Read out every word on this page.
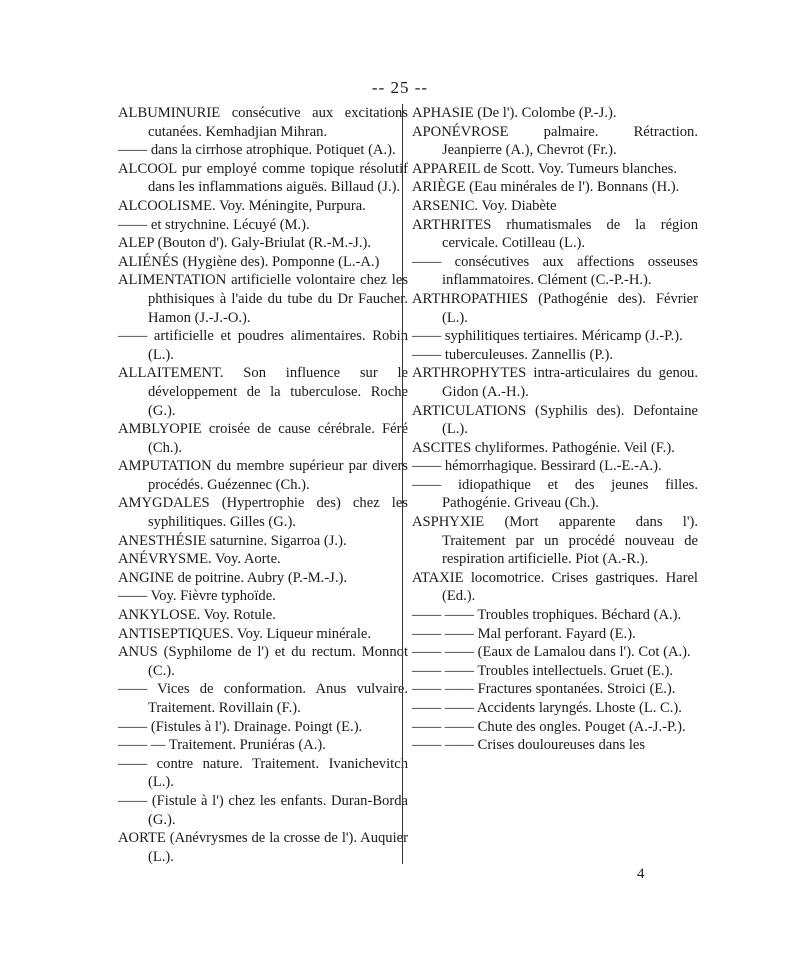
-- 25 --

ALBUMINURIE consécutive aux excitations cutanées. Kemhadjian Mihran.

—— dans la cirrhose atrophique. Potiquet (A.).

ALCOOL pur employé comme topique résolutif dans les inflammations aiguës. Billaud (J.).

ALCOOLISME. Voy. Méningite, Purpura.

—— et strychnine. Lécuyé (M.).

ALEP (Bouton d'). Galy-Briulat (R.-M.-J.).

ALIÉNÉS (Hygiène des). Pomponne (L.-A.)

ALIMENTATION artificielle volontaire chez les phthisiques à l'aide du tube du Dr Faucher. Hamon (J.-J.-O.).

—— artificielle et poudres alimentaires. Robin (L.).

ALLAITEMENT. Son influence sur le développement de la tuberculose. Roche (G.).

AMBLYOPIE croisée de cause cérébrale. Féré (Ch.).

AMPUTATION du membre supérieur par divers procédés. Guézennec (Ch.).

AMYGDALES (Hypertrophie des) chez les syphilitiques. Gilles (G.).

ANESTHÉSIE saturnine. Sigarroa (J.).

ANÉVRYSME. Voy. Aorte.

ANGINE de poitrine. Aubry (P.-M.-J.).

—— Voy. Fièvre typhoïde.

ANKYLOSE. Voy. Rotule.

ANTISEPTIQUES. Voy. Liqueur minérale.

ANUS (Syphilome de l') et du rectum. Monnot (C.).

—— Vices de conformation. Anus vulvaire. Traitement. Rovillain (F.).

—— (Fistules à l'). Drainage. Poingt (E.).

—— — Traitement. Pruniéras (A.).

—— contre nature. Traitement. Ivanichevitch (L.).

—— (Fistule à l') chez les enfants. Duran-Borda (G.).

AORTE (Anévrysmes de la crosse de l'). Auquier (L.).

APHASIE (De l'). Colombe (P.-J.).

APONÉVROSE palmaire. Rétraction. Jeanpierre (A.), Chevrot (Fr.).

APPAREIL de Scott. Voy. Tumeurs blanches.

ARIÈGE (Eau minérales de l'). Bonnans (H.).

ARSENIC. Voy. Diabète

ARTHRITES rhumatismales de la région cervicale. Cotilleau (L.).

—— consécutives aux affections osseuses inflammatoires. Clément (C.-P.-H.).

ARTHROPATHIES (Pathogénie des). Février (L.).

—— syphilitiques tertiaires. Méricamp (J.-P.).

—— tuberculeuses. Zannellis (P.).

ARTHROPHYTES intra-articulaires du genou. Gidon (A.-H.).

ARTICULATIONS (Syphilis des). Defontaine (L.).

ASCITES chyliformes. Pathogénie. Veil (F.).

—— hémorrhagique. Bessirard (L.-E.-A.).

—— idiopathique et des jeunes filles. Pathogénie. Griveau (Ch.).

ASPHYXIE (Mort apparente dans l'). Traitement par un procédé nouveau de respiration artificielle. Piot (A.-R.).

ATAXIE locomotrice. Crises gastriques. Harel (Ed.).

—— —— Troubles trophiques. Béchard (A.).

—— —— Mal perforant. Fayard (E.).

—— —— (Eaux de Lamalou dans l'). Cot (A.).

—— —— Troubles intellectuels. Gruet (E.).

—— —— Fractures spontanées. Stroici (E.).

—— —— Accidents laryngés. Lhoste (L. C.).

—— —— Chute des ongles. Pouget (A.-J.-P.).

—— —— Crises douloureuses dans les

4
